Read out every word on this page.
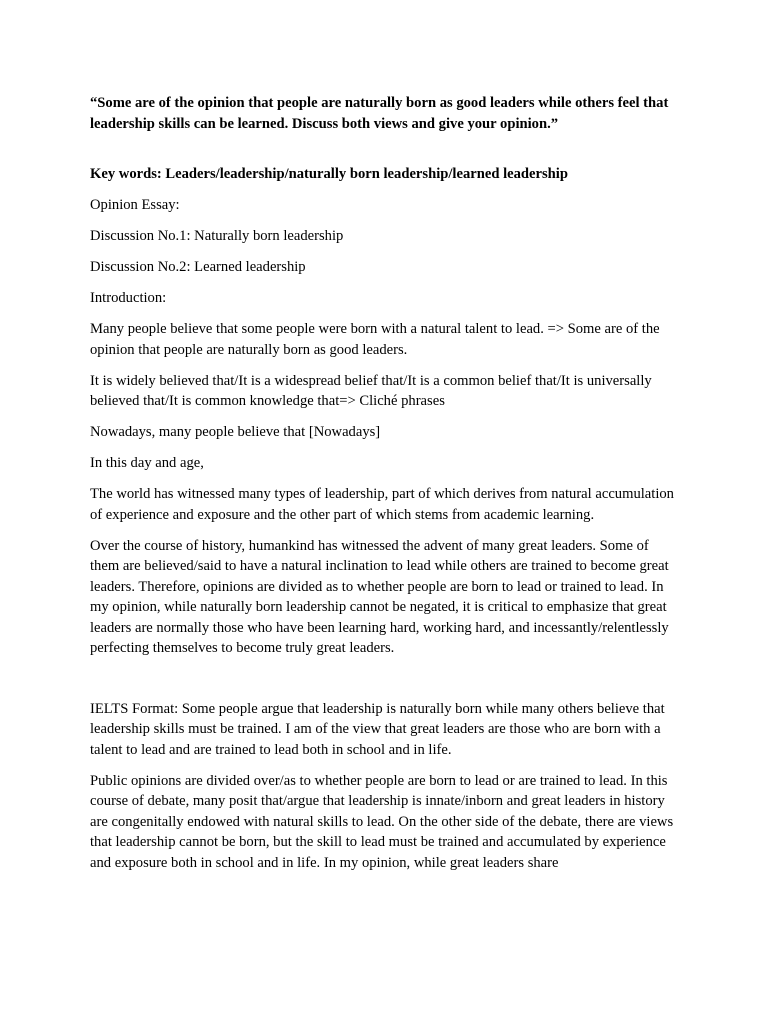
“Some are of the opinion that people are naturally born as good leaders while others feel that leadership skills can be learned. Discuss both views and give your opinion.”

Key words: Leaders/leadership/naturally born leadership/learned leadership

Opinion Essay:

Discussion No.1: Naturally born leadership

Discussion No.2: Learned leadership

Introduction:

Many people believe that some people were born with a natural talent to lead. => Some are of the opinion that people are naturally born as good leaders.

It is widely believed that/It is a widespread belief that/It is a common belief that/It is universally believed that/It is common knowledge that=> Cliché phrases

Nowadays, many people believe that [Nowadays]

In this day and age,

The world has witnessed many types of leadership, part of which derives from natural accumulation of experience and exposure and the other part of which stems from academic learning.

Over the course of history, humankind has witnessed the advent of many great leaders. Some of them are believed/said to have a natural inclination to lead while others are trained to become great leaders. Therefore, opinions are divided as to whether people are born to lead or trained to lead. In my opinion, while naturally born leadership cannot be negated, it is critical to emphasize that great leaders are normally those who have been learning hard, working hard, and incessantly/relentlessly perfecting themselves to become truly great leaders.

IELTS Format: Some people argue that leadership is naturally born while many others believe that leadership skills must be trained. I am of the view that great leaders are those who are born with a talent to lead and are trained to lead both in school and in life.

Public opinions are divided over/as to whether people are born to lead or are trained to lead. In this course of debate, many posit that/argue that leadership is innate/inborn and great leaders in history are congenitally endowed with natural skills to lead. On the other side of the debate, there are views that leadership cannot be born, but the skill to lead must be trained and accumulated by experience and exposure both in school and in life. In my opinion, while great leaders share
